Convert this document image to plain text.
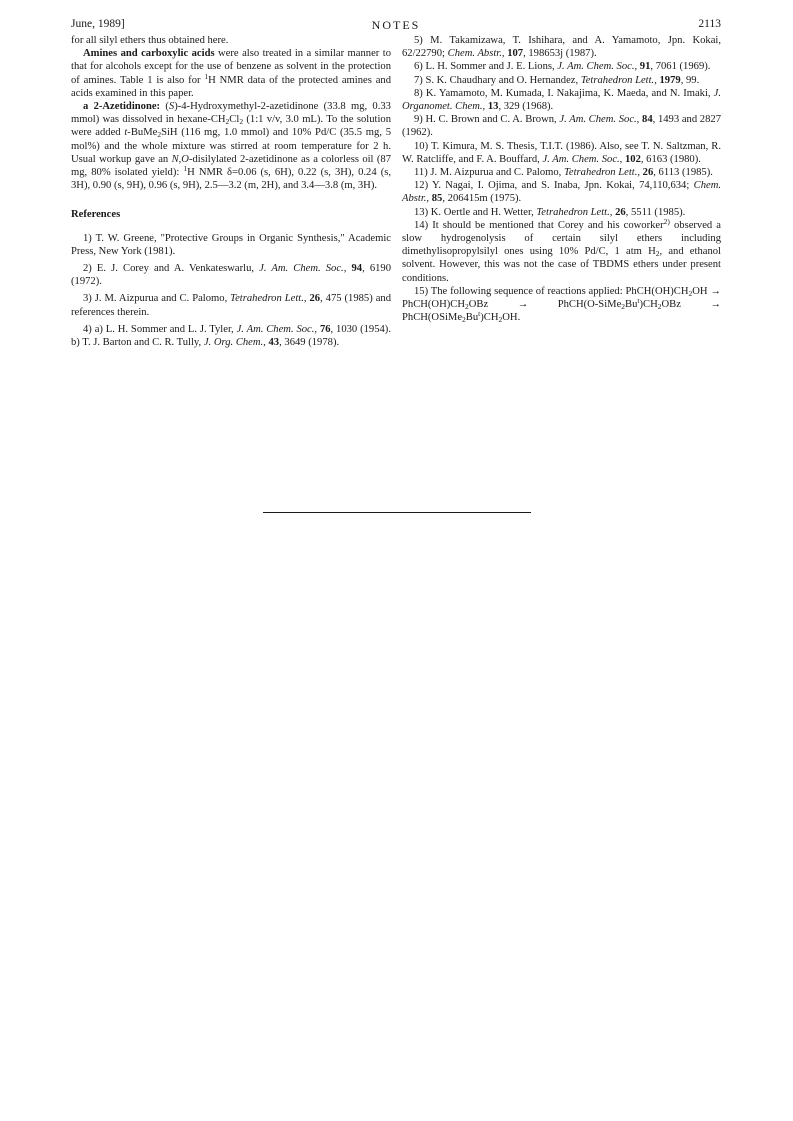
June, 1989]	NOTES	2113

for all silyl ethers thus obtained here.

Amines and carboxylic acids were also treated in a similar manner to that for alcohols except for the use of benzene as solvent in the protection of amines. Table 1 is also for $^1$H NMR data of the protected amines and acids examined in this paper.

a 2-Azetidinone: (S)-4-Hydroxymethyl-2-azetidinone (33.8 mg, 0.33 mmol) was dissolved in hexane-$CH_2Cl_2$ (1:1 v/v, 3.0 mL). To the solution were added t-BuMe$_2$SiH (116 mg, 1.0 mmol) and 10% Pd/C (35.5 mg, 5 mol%) and the whole mixture was stirred at room temperature for 2 h. Usual workup gave an N,O-disilylated 2-azetidinone as a colorless oil (87 mg, 80% isolated yield): $^1$H NMR δ=0.06 (s, 6H), 0.22 (s, 3H), 0.24 (s, 3H), 0.90 (s, 9H), 0.96 (s, 9H), 2.5—3.2 (m, 2H), and 3.4—3.8 (m, 3H).

References

1) T. W. Greene, "Protective Groups in Organic Synthesis," Academic Press, New York (1981).

2) E. J. Corey and A. Venkateswarlu, J. Am. Chem. Soc., 94, 6190 (1972).

3) J. M. Aizpurua and C. Palomo, Tetrahedron Lett., 26, 475 (1985) and references therein.

4) a) L. H. Sommer and L. J. Tyler, J. Am. Chem. Soc., 76, 1030 (1954). b) T. J. Barton and C. R. Tully, J. Org. Chem., 43, 3649 (1978).

5) M. Takamizawa, T. Ishihara, and A. Yamamoto, Jpn. Kokai, 62/22790; Chem. Abstr., 107, 198653j (1987).

6) L. H. Sommer and J. E. Lions, J. Am. Chem. Soc., 91, 7061 (1969).

7) S. K. Chaudhary and O. Hernandez, Tetrahedron Lett., 1979, 99.

8) K. Yamamoto, M. Kumada, I. Nakajima, K. Maeda, and N. Imaki, J. Organomet. Chem., 13, 329 (1968).

9) H. C. Brown and C. A. Brown, J. Am. Chem. Soc., 84, 1493 and 2827 (1962).

10) T. Kimura, M. S. Thesis, T.I.T. (1986). Also, see T. N. Saltzman, R. W. Ratcliffe, and F. A. Bouffard, J. Am. Chem. Soc., 102, 6163 (1980).

11) J. M. Aizpurua and C. Palomo, Tetrahedron Lett., 26, 6113 (1985).

12) Y. Nagai, I. Ojima, and S. Inaba, Jpn. Kokai, 74,110,634; Chem. Abstr., 85, 206415m (1975).

13) K. Oertle and H. Wetter, Tetrahedron Lett., 26, 5511 (1985).

14) It should be mentioned that Corey and his coworker$^{2)}$ observed a slow hydrogenolysis of certain silyl ethers including dimethylisopropylsilyl ones using 10% Pd/C, 1 atm $H_2$, and ethanol solvent. However, this was not the case of TBDMS ethers under present conditions.

15) The following sequence of reactions applied: $PhCH(OH)CH_2OH$ → $PhCH(OH)CH_2OBz$ → $PhCH(O-SiMe_2Bu^t)CH_2OBz$ → $PhCH(OSiMe_2Bu^t)CH_2OH$.
